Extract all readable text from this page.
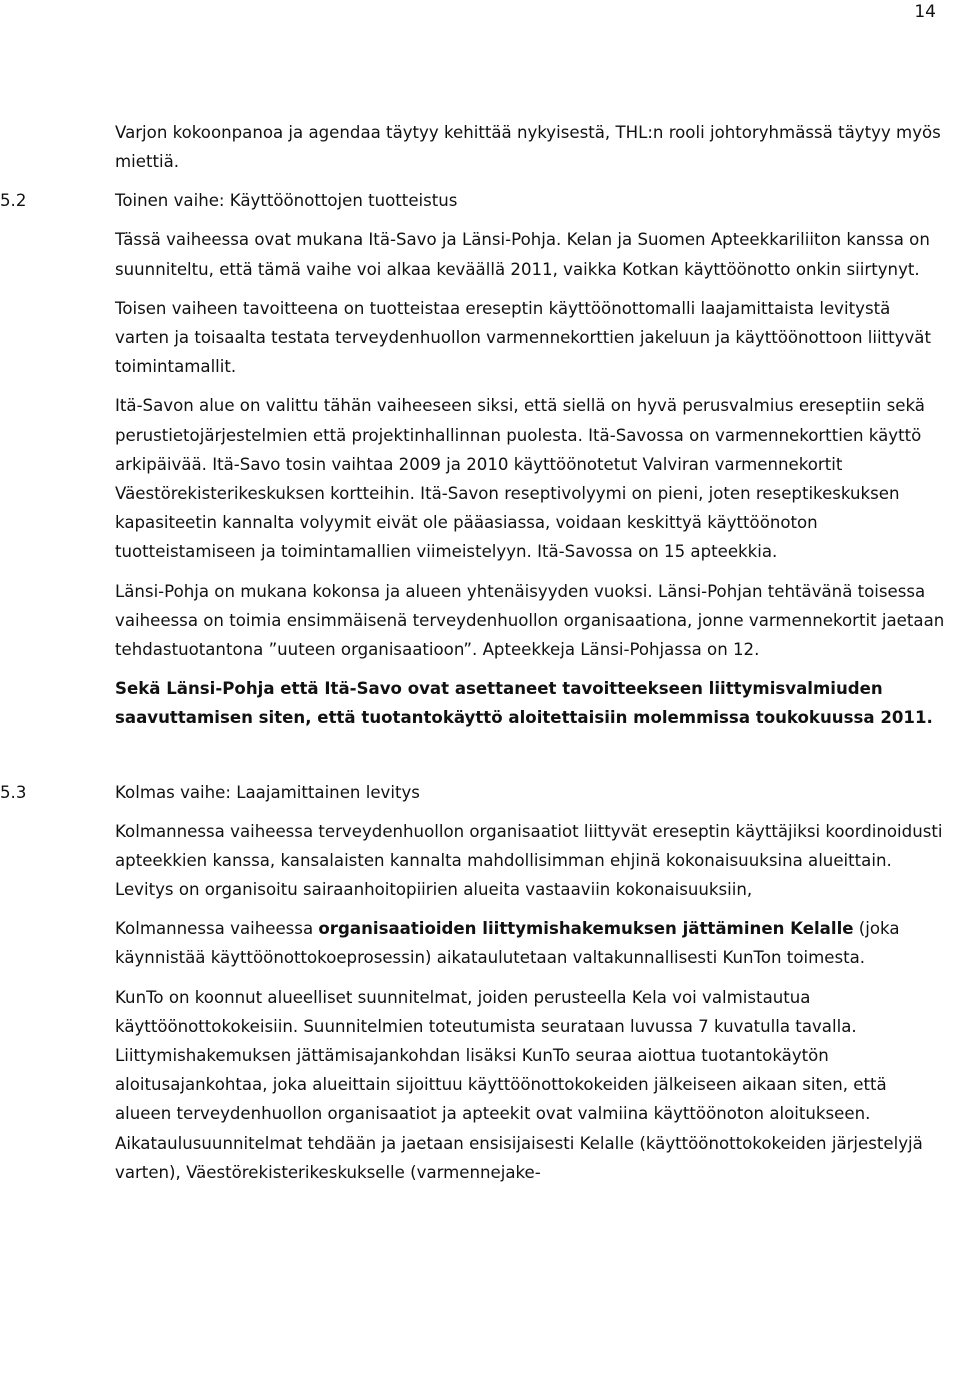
14

Varjon kokoonpanoa ja agendaa täytyy kehittää nykyisestä, THL:n rooli johtoryhmässä täytyy myös miettiä.

5.2	Toinen vaihe: Käyttöönottojen tuotteistus

Tässä vaiheessa ovat mukana Itä-Savo ja Länsi-Pohja. Kelan ja Suomen Apteekkariliiton kanssa on suunniteltu, että tämä vaihe voi alkaa keväällä 2011, vaikka Kotkan käyttöönotto onkin siirtynyt.

Toisen vaiheen tavoitteena on tuotteistaa ereseptin käyttöönottomalli laajamittaista levitystä varten ja toisaalta testata terveydenhuollon varmennekorttien jakeluun ja käyttöönottoon liittyvät toimintamallit.

Itä-Savon alue on valittu tähän vaiheeseen siksi, että siellä on hyvä perusvalmius ereseptiin sekä perustietojärjestelmien että projektinhallinnan puolesta. Itä-Savossa on varmennekorttien käyttö arkipäivää. Itä-Savo tosin vaihtaa 2009 ja 2010 käyttöönotetut Valviran varmennekortit Väestörekisterikeskuksen kortteihin. Itä-Savon reseptivolyymi on pieni, joten reseptikeskuksen kapasiteetin kannalta volyymit eivät ole pääasiassa, voidaan keskittyä käyttöönoton tuotteistamiseen ja toimintamallien viimeistelyyn. Itä-Savossa on 15 apteekkia.

Länsi-Pohja on mukana kokonsa ja alueen yhtenäisyyden vuoksi. Länsi-Pohjan tehtävänä toisessa vaiheessa on toimia ensimmäisenä terveydenhuollon organisaationa, jonne varmennekortit jaetaan tehdastuotantona ”uuteen organisaatioon”. Apteekkeja Länsi-Pohjassa on 12.

Sekä Länsi-Pohja että Itä-Savo ovat asettaneet tavoitteekseen liittymisvalmiuden saavuttamisen siten, että tuotantokäyttö aloitettaisiin molemmissa toukokuussa 2011.

5.3	Kolmas vaihe: Laajamittainen levitys

Kolmannessa vaiheessa terveydenhuollon organisaatiot liittyvät ereseptin käyttäjiksi koordinoidusti apteekkien kanssa, kansalaisten kannalta mahdollisimman ehjinä kokonaisuuksina alueittain. Levitys on organisoitu sairaanhoitopiirien alueita vastaaviin kokonaisuuksiin,

Kolmannessa vaiheessa organisaatioiden liittymishakemuksen jättäminen Kelalle (joka käynnistää käyttöönottokoeprosessin) aikataulutetaan valtakunnallisesti KunTon toimesta.

KunTo on koonnut alueelliset suunnitelmat, joiden perusteella Kela voi valmistautua käyttöönottokokeisiin. Suunnitelmien toteutumista seurataan luvussa 7 kuvatulla tavalla. Liittymishakemuksen jättämisajankohdan lisäksi KunTo seuraa aiottua tuotantokäytön aloitusajankohtaa, joka alueittain sijoittuu käyttöönottokokeiden jälkeiseen aikaan siten, että alueen terveydenhuollon organisaatiot ja apteekit ovat valmiina käyttöönoton aloitukseen. Aikataulusuunnitelmat tehdään ja jaetaan ensisijaisesti Kelalle (käyttöönottokokeiden järjestelyjä varten), Väestörekisterikeskukselle (varmennejake-
